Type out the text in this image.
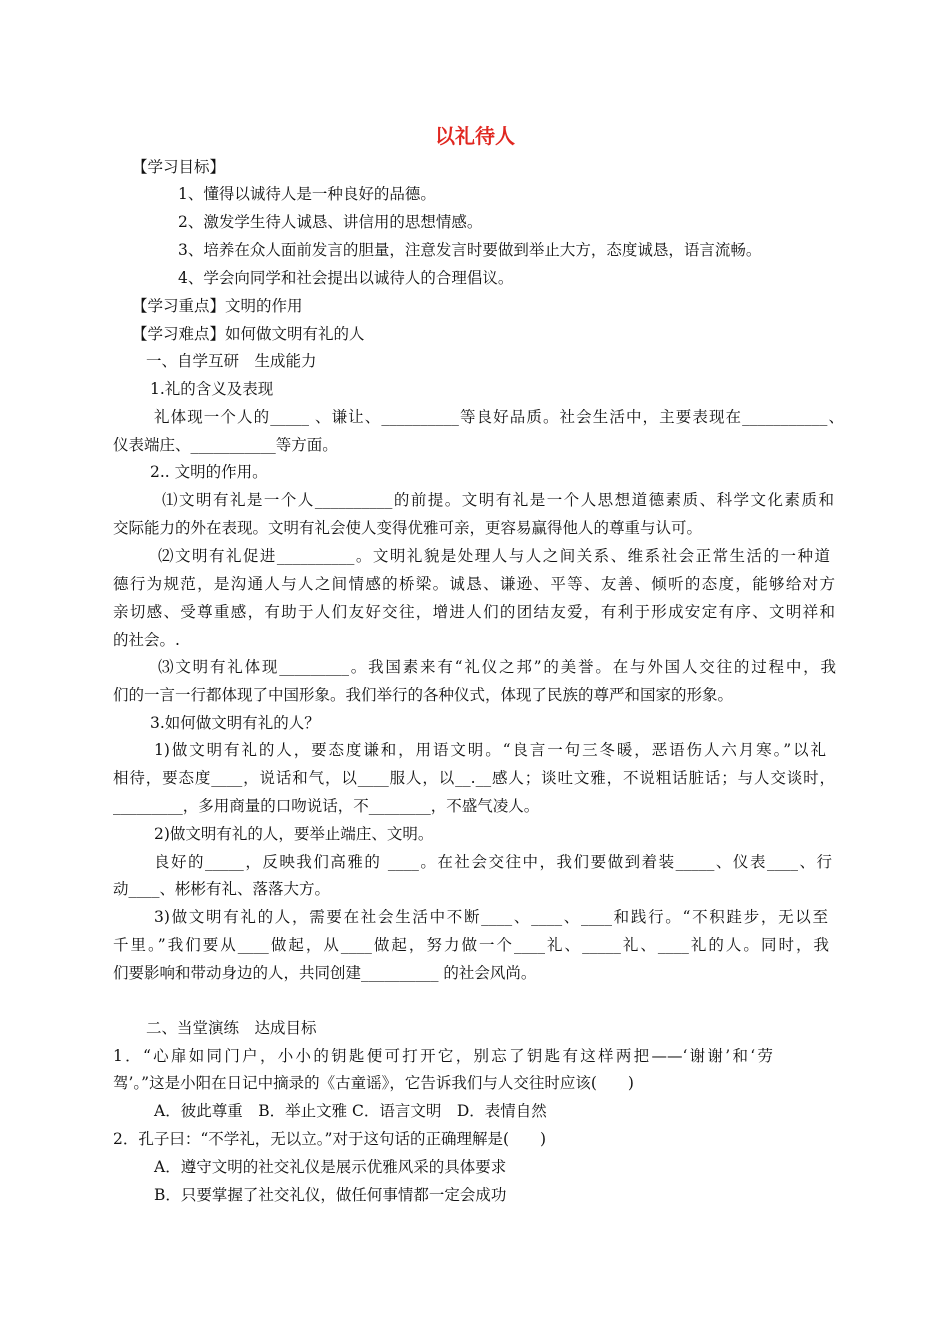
以礼待人
【学习目标】
1、懂得以诚待人是一种良好的品德。
2、激发学生待人诚恳、讲信用的思想情感。
3、培养在众人面前发言的胆量，注意发言时要做到举止大方，态度诚恳，语言流畅。
4、学会向同学和社会提出以诚待人的合理倡议。
【学习重点】文明的作用
【学习难点】如何做文明有礼的人
一、自学互研　生成能力
1.礼的含义及表现
礼体现一个人的_____ 、谦让、__________等良好品质。社会生活中，主要表现在___________、
仪表端庄、___________等方面。
2.. 文明的作用。
⑴文明有礼是一个人__________的前提。文明有礼是一个人思想道德素质、科学文化素质和
交际能力的外在表现。文明有礼会使人变得优雅可亲，更容易赢得他人的尊重与认可。
⑵文明有礼促进__________。文明礼貌是处理人与人之间关系、维系社会正常生活的一种道
德行为规范，是沟通人与人之间情感的桥梁。诚恳、谦逊、平等、友善、倾听的态度，能够给对方
亲切感、受尊重感，有助于人们友好交往，增进人们的团结友爱，有利于形成安定有序、文明祥和
的社会。.
⑶文明有礼体现_________。我国素来有“礼仪之邦”的美誉。在与外国人交往的过程中，我
们的一言一行都体现了中国形象。我们举行的各种仪式，体现了民族的尊严和国家的形象。
3.如何做文明有礼的人？
1)做文明有礼的人，要态度谦和，用语文明。“良言一句三冬暖，恶语伤人六月寒。”以礼
相待，要态度____，说话和气，以____服人，以__.__感人；谈吐文雅，不说粗话脏话；与人交谈时，
_________，多用商量的口吻说话，不________，不盛气凌人。
2)做文明有礼的人，要举止端庄、文明。
良好的_____，反映我们高雅的 ____。在社会交往中，我们要做到着装_____、仪表____、行
动____、彬彬有礼、落落大方。
3)做文明有礼的人，需要在社会生活中不断____、____、____和践行。“不积跬步，无以至
千里。”我们要从____做起，从____做起，努力做一个____礼、_____礼、____礼的人。同时，我
们要影响和带动身边的人，共同创建__________ 的社会风尚。
二、当堂演练　达成目标
1．“心扉如同门户，小小的钥匙便可打开它，别忘了钥匙有这样两把——‘谢谢’和‘劳
驾’。”这是小阳在日记中摘录的《古童谣》，它告诉我们与人交往时应该(　　)
A．彼此尊重　B．举止文雅 C．语言文明　D．表情自然
2．孔子曰：“不学礼，无以立。”对于这句话的正确理解是(　　)
A．遵守文明的社交礼仪是展示优雅风采的具体要求
B．只要掌握了社交礼仪，做任何事情都一定会成功
